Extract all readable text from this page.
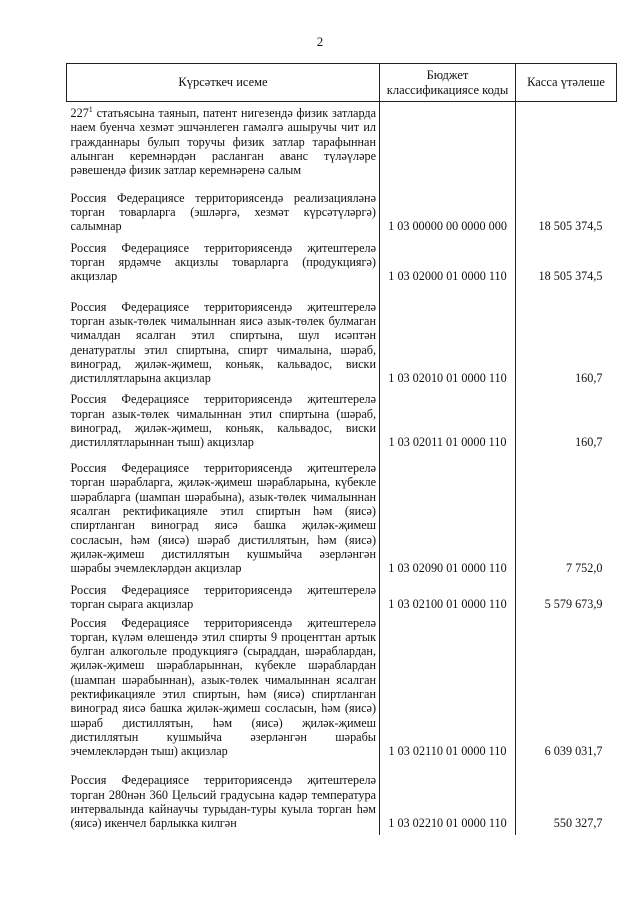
2
Күрсәткеч исеме	Бюджет классификациясе коды	Касса үтәлеше
$227^1$ статьясына таянып, патент нигезендә физик затларда наем буенча хезмәт эшчәнлеген гамәлгә ашыручы чит ил гражданнары булып торучы физик затлар тарафыннан алынган керемнәрдән расланган аванс түләүләре рәвешендә физик затлар керемнәренә салым		
Россия Федерациясе территориясендә реализацияләнә торган товарларга (эшләргә, хезмәт күрсәтүләргә) салымнар	1 03 00000 00 0000 000	18 505 374,5
Россия Федерациясе территориясендә җитештерелә торган ярдәмче акцизлы товарларга (продукциягә) акцизлар	1 03 02000 01 0000 110	18 505 374,5
Россия Федерациясе территориясендә җитештерелә торган азык-төлек чималыннан яисә азык-төлек булмаган чималдан ясалган этил спиртына, шул исәптән денатуратлы этил спиртына, спирт чималына, шәраб, виноград, җиләк-җимеш, коньяк, кальвадос, виски дистиллятларына акцизлар	1 03 02010 01 0000 110	160,7
Россия Федерациясе территориясендә җитештерелә торган азык-төлек чималыннан этил спиртына (шәраб, виноград, җиләк-җимеш, коньяк, кальвадос, виски дистиллятларыннан тыш) акцизлар	1 03 02011 01 0000 110	160,7
Россия Федерациясе территориясендә җитештерелә торган шәрабларга, җиләк-җимеш шәрабларына, күбекле шәрабларга (шампан шәрабына), азык-төлек чималыннан ясалган ректификацияле этил спиртын һәм (яисә) спиртланган виноград яисә башка җиләк-җимеш сосласын, һәм (яисә) шәраб дистиллятын, һәм (яисә) җиләк-җимеш дистиллятын кушмыйча әзерләнгән шәрабы эчемлекләрдән акцизлар	1 03 02090 01 0000 110	7 752,0
Россия Федерациясе территориясендә җитештерелә торган сырага акцизлар	1 03 02100 01 0000 110	5 579 673,9
Россия Федерациясе территориясендә җитештерелә торган, күләм өлешендә этил спирты 9 проценттан артык булган алкогольле продукциягә (сыраддан, шәраблардан, җиләк-җимеш шәрабларыннан, күбекле шәраблардан (шампан шәрабыннан), азык-төлек чималыннан ясалган ректификацияле этил спиртын, һәм (яисә) спиртланган виноград яисә башка җиләк-җимеш сосласын, һәм (яисә) шәраб дистиллятын, һәм (яисә) җиләк-җимеш дистиллятын кушмыйча әзерләнгән шәрабы эчемлекләрдән тыш) акцизлар	1 03 02110 01 0000 110	6 039 031,7
Россия Федерациясе территориясендә җитештерелә торган 280нән 360 Цельсий градусына кадәр температура интервалында кайнаучы турыдан-туры куыла торган һәм (яисә) икенчел барлыкка килгән	1 03 02210 01 0000 110	550 327,7
